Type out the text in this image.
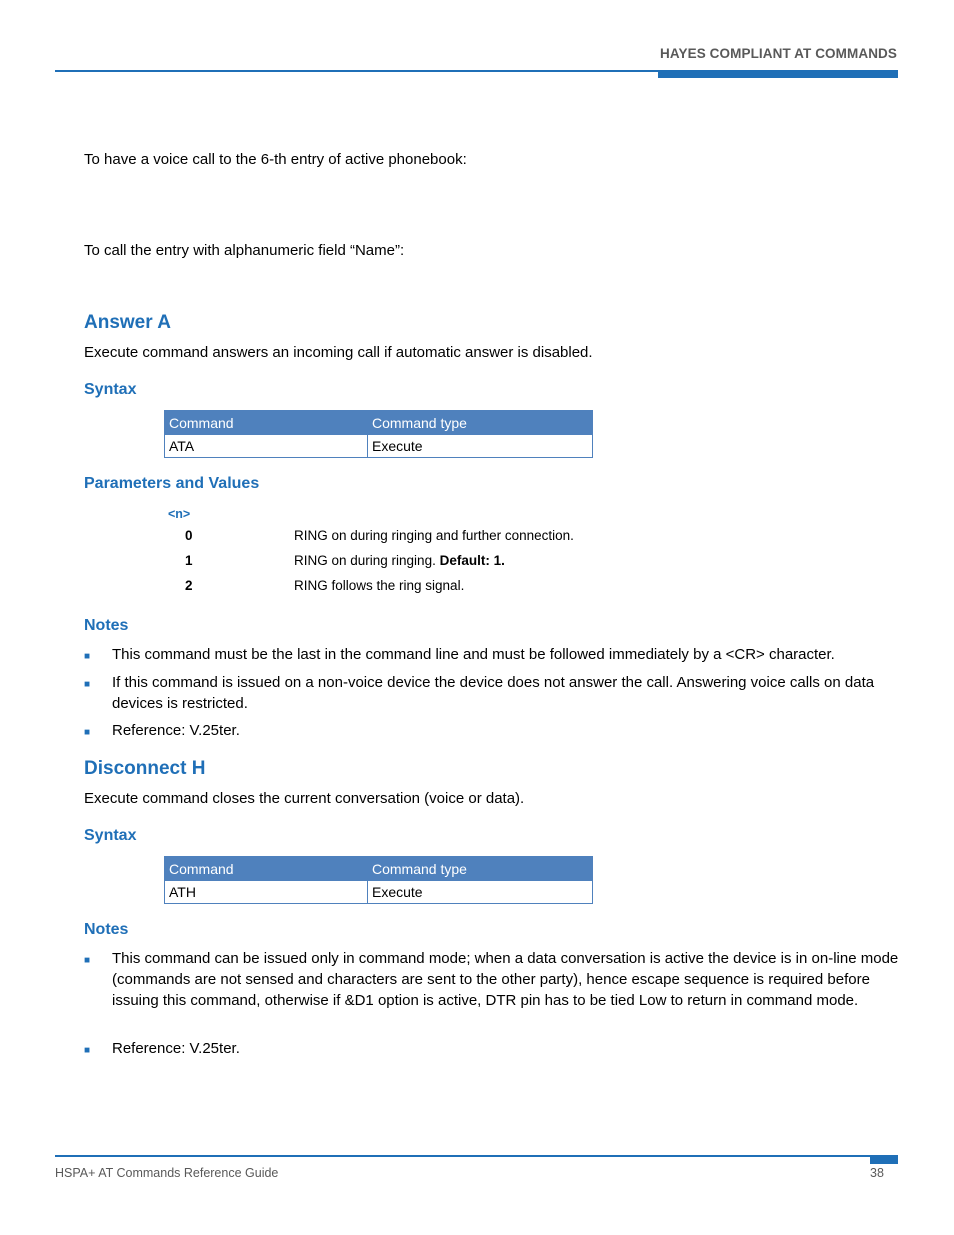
HAYES COMPLIANT AT COMMANDS
To have a voice call to the 6-th entry of active phonebook:
To call the entry with alphanumeric field “Name”:
Answer A
Execute command answers an incoming call if automatic answer is disabled.
Syntax
Command	Command type
ATA	Execute
Parameters and Values
<n>
0	RING on during ringing and further connection.
1	RING on during ringing. Default: 1.
2	RING follows the ring signal.
Notes
■ This command must be the last in the command line and must be followed immediately by a <CR> character.
■ If this command is issued on a non-voice device the device does not answer the call. Answering voice calls on data devices is restricted.
■ Reference: V.25ter.
Disconnect H
Execute command closes the current conversation (voice or data).
Syntax
Command	Command type
ATH	Execute
Notes
■ This command can be issued only in command mode; when a data conversation is active the device is in on-line mode (commands are not sensed and characters are sent to the other party), hence escape sequence is required before issuing this command, otherwise if &D1 option is active, DTR pin has to be tied Low to return in command mode.
■ Reference: V.25ter.
HSPA+ AT Commands Reference Guide	38
